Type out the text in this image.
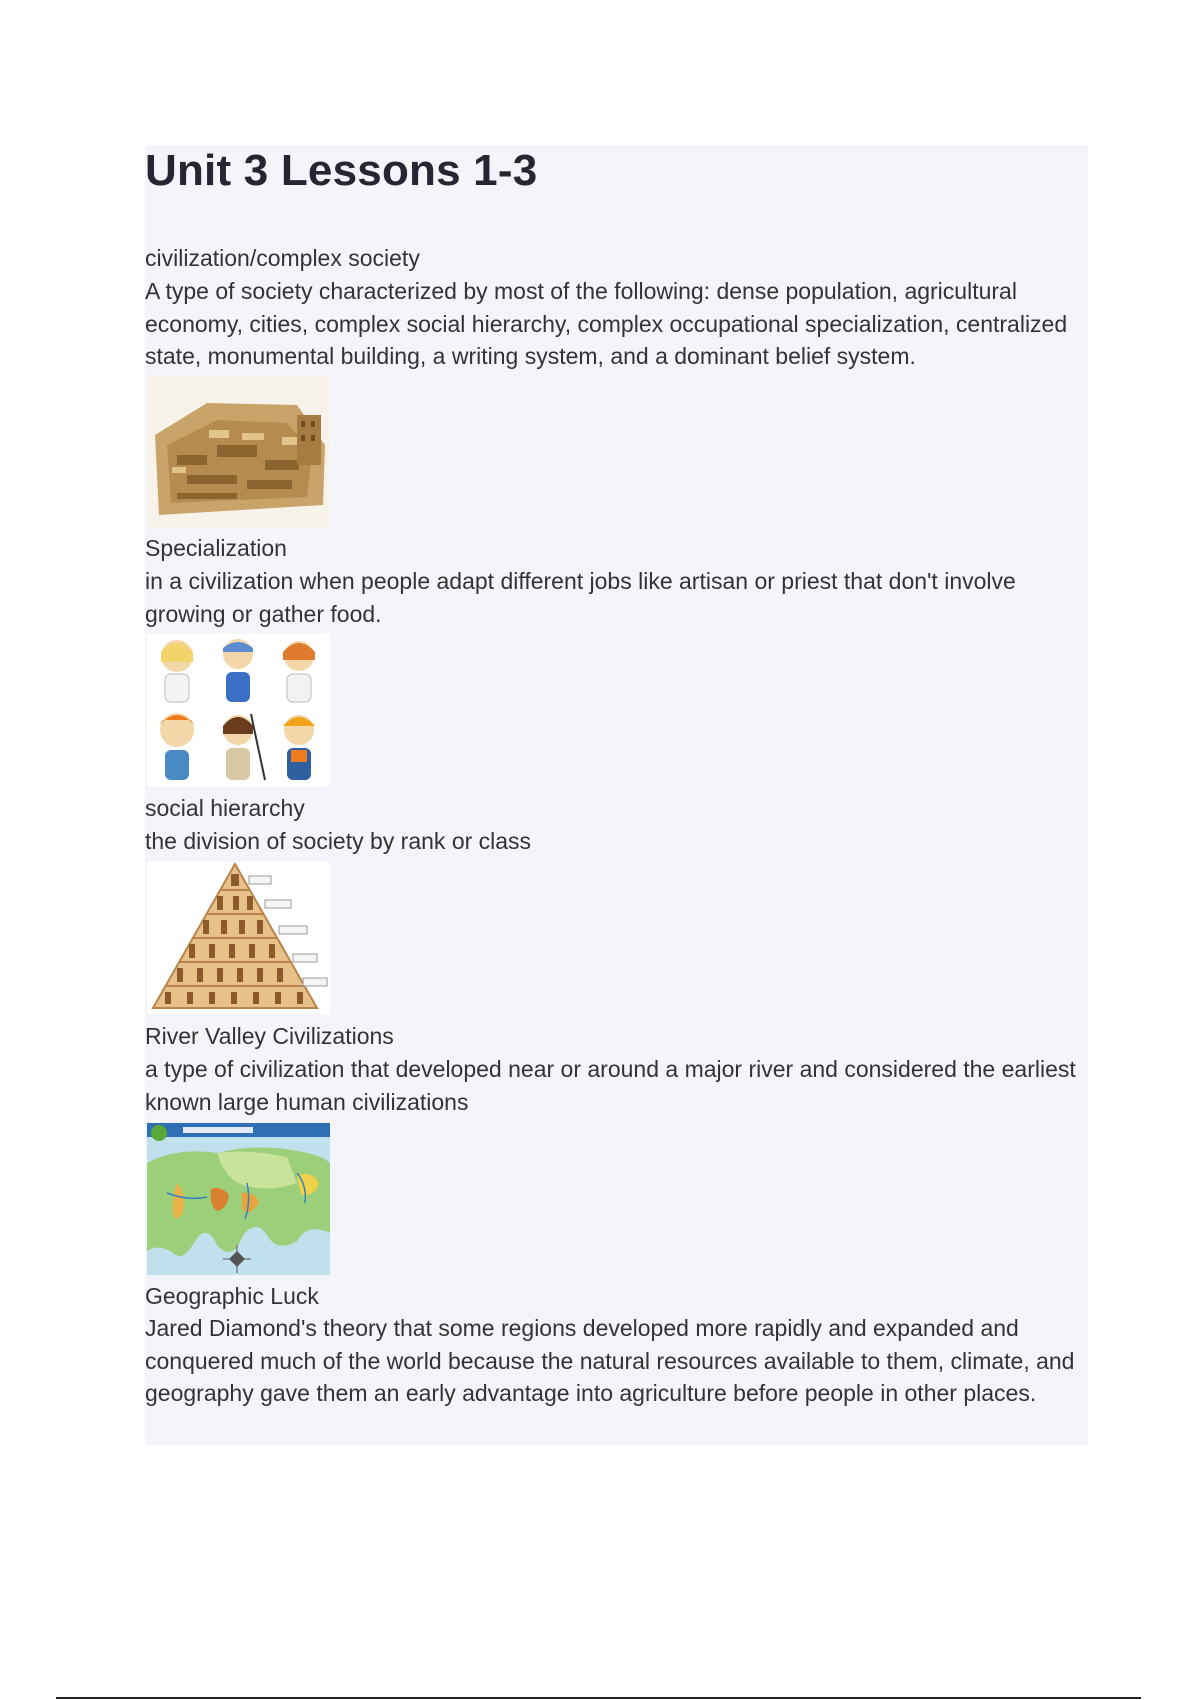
Unit 3 Lessons 1-3

civilization/complex society

A type of society characterized by most of the following: dense population, agricultural economy, cities, complex social hierarchy, complex occupational specialization, centralized state, monumental building, a writing system, and a dominant belief system.

Specialization

in a civilization when people adapt different jobs like artisan or priest that don't involve growing or gather food.

social hierarchy

the division of society by rank or class

River Valley Civilizations

a type of civilization that developed near or around a major river and considered the earliest known large human civilizations

Geographic Luck

Jared Diamond's theory that some regions developed more rapidly and expanded and conquered much of the world because the natural resources available to them, climate, and geography gave them an early advantage into agriculture before people in other places.
